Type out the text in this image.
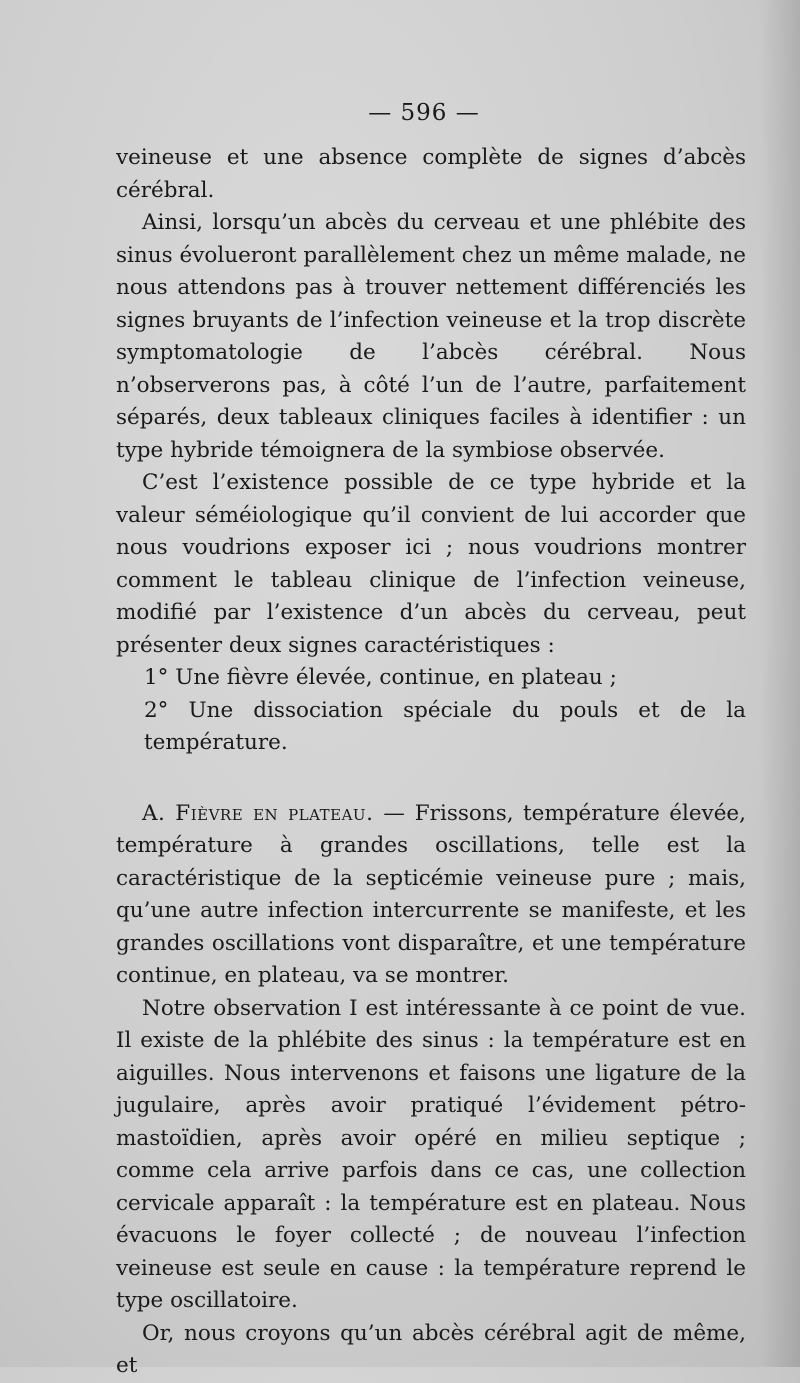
— 596 —

veineuse et une absence complète de signes d’abcès cérébral.

Ainsi, lorsqu’un abcès du cerveau et une phlébite des sinus évolueront parallèlement chez un même malade, ne nous attendons pas à trouver nettement différenciés les signes bruyants de l’infection veineuse et la trop discrète symptomatologie de l’abcès cérébral. Nous n’observerons pas, à côté l’un de l’autre, parfaitement séparés, deux tableaux cliniques faciles à identifier : un type hybride témoignera de la symbiose observée.

C’est l’existence possible de ce type hybride et la valeur séméiologique qu’il convient de lui accorder que nous voudrions exposer ici ; nous voudrions montrer comment le tableau clinique de l’infection veineuse, modifié par l’existence d’un abcès du cerveau, peut présenter deux signes caractéristiques :

1° Une fièvre élevée, continue, en plateau ;

2° Une dissociation spéciale du pouls et de la température.

A. Fièvre en plateau. — Frissons, température élevée, température à grandes oscillations, telle est la caractéristique de la septicémie veineuse pure ; mais, qu’une autre infection intercurrente se manifeste, et les grandes oscillations vont disparaître, et une température continue, en plateau, va se montrer.

Notre observation I est intéressante à ce point de vue. Il existe de la phlébite des sinus : la température est en aiguilles. Nous intervenons et faisons une ligature de la jugulaire, après avoir pratiqué l’évidement pétro-mastoïdien, après avoir opéré en milieu septique ; comme cela arrive parfois dans ce cas, une collection cervicale apparaît : la température est en plateau. Nous évacuons le foyer collecté ; de nouveau l’infection veineuse est seule en cause : la température reprend le type oscillatoire.

Or, nous croyons qu’un abcès cérébral agit de même, et
